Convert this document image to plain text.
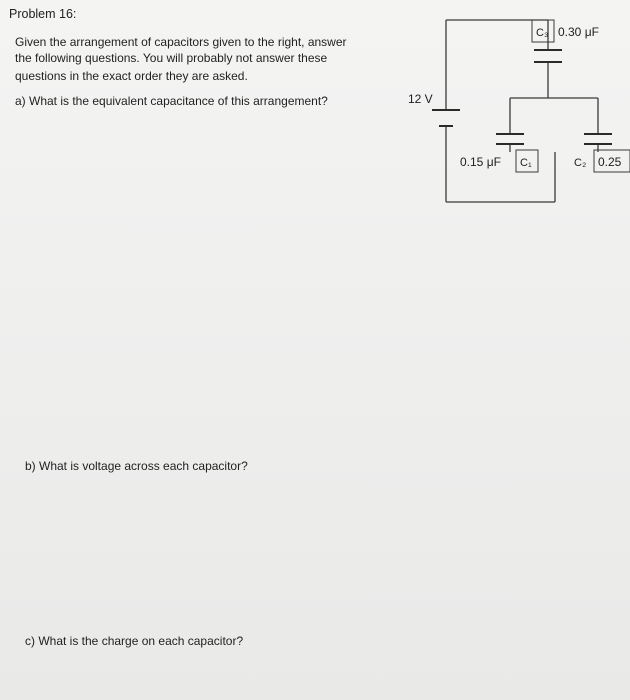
Problem 16:
Given the arrangement of capacitors given to the right, answer
the following questions. You will probably not answer these
questions in the exact order they are asked.
a) What is the equivalent capacitance of this arrangement?
b) What is voltage across each capacitor?
c) What is the charge on each capacitor?
12 V
C₃ 0.30 μF
0.15 μF C₁	C₂ 0.25
